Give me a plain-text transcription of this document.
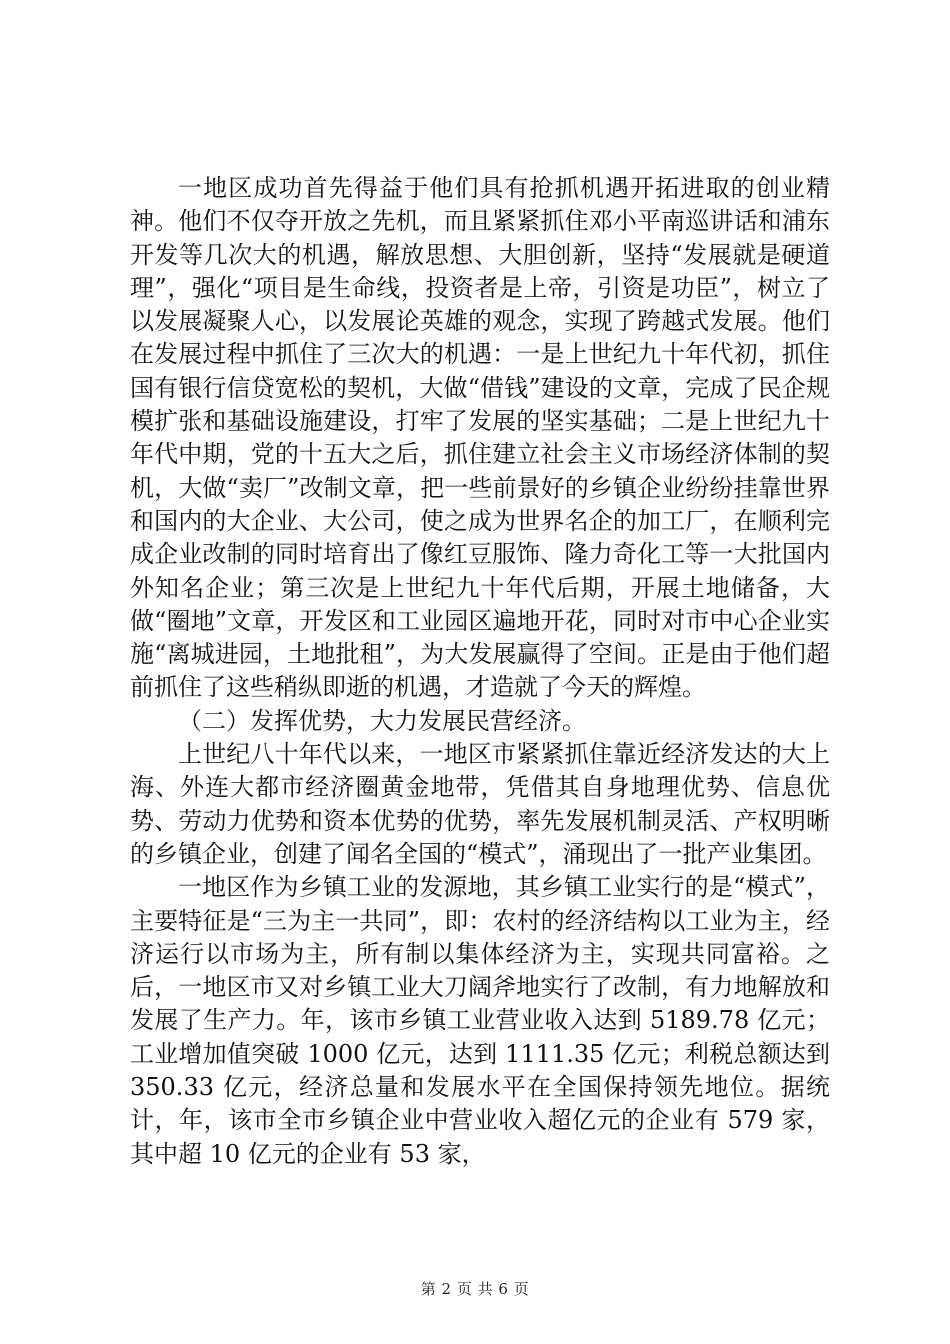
一地区成功首先得益于他们具有抢抓机遇开拓进取的创业精神。他们不仅夺开放之先机，而且紧紧抓住邓小平南巡讲话和浦东开发等几次大的机遇，解放思想、大胆创新，坚持“发展就是硬道理”，强化“项目是生命线，投资者是上帝，引资是功臣”，树立了以发展凝聚人心，以发展论英雄的观念，实现了跨越式发展。他们在发展过程中抓住了三次大的机遇：一是上世纪九十年代初，抓住国有银行信贷宽松的契机，大做“借钱”建设的文章，完成了民企规模扩张和基础设施建设，打牢了发展的坚实基础；二是上世纪九十年代中期，党的十五大之后，抓住建立社会主义市场经济体制的契机，大做“卖厂”改制文章，把一些前景好的乡镇企业纷纷挂靠世界和国内的大企业、大公司，使之成为世界名企的加工厂，在顺利完成企业改制的同时培育出了像红豆服饰、隆力奇化工等一大批国内外知名企业；第三次是上世纪九十年代后期，开展土地储备，大做“圈地”文章，开发区和工业园区遍地开花，同时对市中心企业实施“离城进园，土地批租”，为大发展赢得了空间。正是由于他们超前抓住了这些稍纵即逝的机遇，才造就了今天的辉煌。

（二）发挥优势，大力发展民营经济。

上世纪八十年代以来，一地区市紧紧抓住靠近经济发达的大上海、外连大都市经济圈黄金地带，凭借其自身地理优势、信息优势、劳动力优势和资本优势的优势，率先发展机制灵活、产权明晰的乡镇企业，创建了闻名全国的“模式”，涌现出了一批产业集团。

一地区作为乡镇工业的发源地，其乡镇工业实行的是“模式”，主要特征是“三为主一共同”，即：农村的经济结构以工业为主，经济运行以市场为主，所有制以集体经济为主，实现共同富裕。之后，一地区市又对乡镇工业大刀阔斧地实行了改制，有力地解放和发展了生产力。年，该市乡镇工业营业收入达到 5189.78 亿元；工业增加值突破 1000 亿元，达到 1111.35 亿元；利税总额达到 350.33 亿元，经济总量和发展水平在全国保持领先地位。据统计，年，该市全市乡镇企业中营业收入超亿元的企业有 579 家，其中超 10 亿元的企业有 53 家，

第 2 页 共 6 页
